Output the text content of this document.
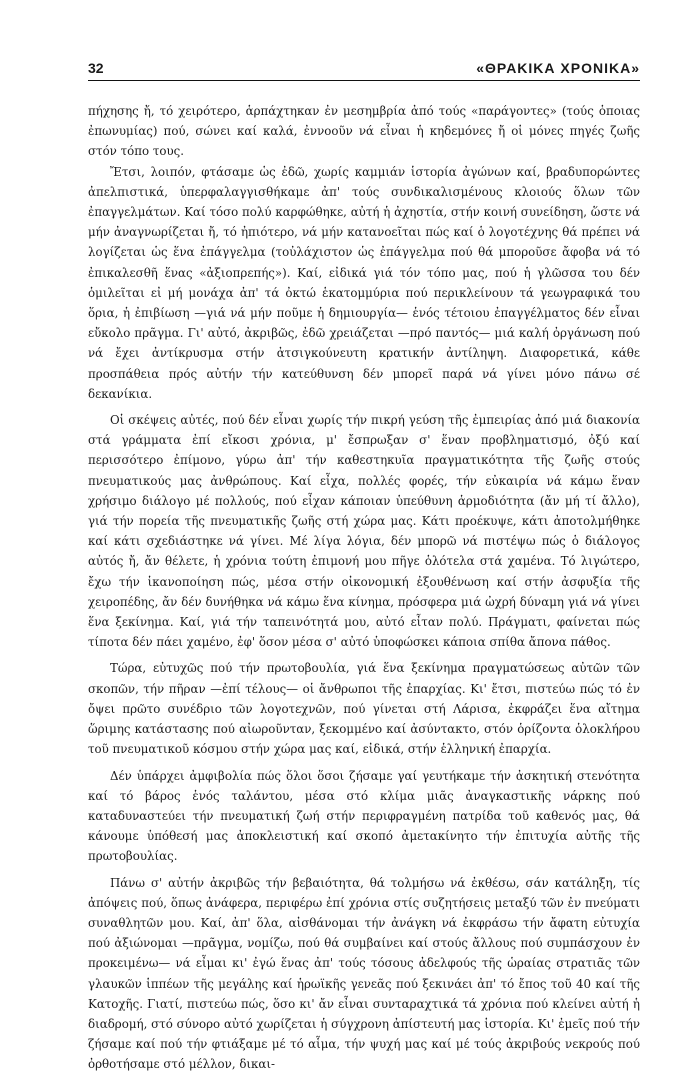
32	«ΘΡΑΚΙΚΑ ΧΡΟΝΙΚΑ»

πήχησης ἤ, τό χειρότερο, ἁρπάχτηκαν ἐν μεσημβρία ἀπό τούς «παράγοντες» (τούς ὁποιας ἐπωνυμίας) πού, σώνει καί καλά, ἐννοοῦν νά εἶναι ἡ κηδεμόνες ἤ οἱ μόνες πηγές ζωῆς στόν τόπο τους.

Ἔτσι, λοιπόν, φτάσαμε ὡς ἐδῶ, χωρίς καμμιάν ἱστορία ἀγώνων καί, βραδυπορώντες ἀπελπιστικά, ὑπερφαλαγγισθήκαμε ἀπ' τούς συνδικαλισμένους κλοιούς ὅλων τῶν ἐπαγγελμάτων. Καί τόσο πολύ καρφώθηκε, αὐτή ἡ ἀχηστία, στήν κοινή συνείδηση, ὥστε νά μήν ἀναγνωρίζεται ἤ, τό ἠπιότερο, νά μήν κατανοεῖται πώς καί ὁ λογοτέχνης θά πρέπει νά λογίζεται ὡς ἕνα ἐπάγγελμα (τοὐλάχιστον ὡς ἐπάγγελμα πού θά μποροῦσε ἄφοβα νά τό ἐπικαλεσθῆ ἕνας «ἀξιοπρεπής»). Καί, εἰδικά γιά τόν τόπο μας, πού ἡ γλῶσσα του δέν ὁμιλεῖται εἰ μή μονάχα ἀπ' τά ὀκτώ ἑκατομμύρια πού περικλείνουν τά γεωγραφικά του ὅρια, ἡ ἐπιβίωση —γιά νά μήν ποῦμε ἡ δημιουργία— ἑνός τέτοιου ἐπαγγέλματος δέν εἶναι εὔκολο πρᾶγμα. Γι' αὐτό, ἀκριβῶς, ἐδῶ χρειάζεται —πρό παντός— μιά καλή ὀργάνωση πού νά ἔχει ἀντίκρυσμα στήν ἀτσιγκούνευτη κρατικήν ἀντίληψη. Διαφορετικά, κάθε προσπάθεια πρός αὐτήν τήν κατεύθυνση δέν μπορεῖ παρά νά γίνει μόνο πάνω σέ δεκανίκια.

Οἱ σκέψεις αὐτές, πού δέν εἶναι χωρίς τήν πικρή γεύση τῆς ἐμπειρίας ἀπό μιά διακονία στά γράμματα ἐπί εἴκοσι χρόνια, μ' ἔσπρωξαν σ' ἕναν προβληματισμό, ὀξύ καί περισσότερο ἐπίμονο, γύρω ἀπ' τήν καθεστηκυῖα πραγματικότητα τῆς ζωῆς στούς πνευματικούς μας ἀνθρώπους. Καί εἶχα, πολλές φορές, τήν εὐκαιρία νά κάμω ἕναν χρήσιμο διάλογο μέ πολλούς, πού εἶχαν κάποιαν ὑπεύθυνη ἁρμοδιότητα (ἄν μή τί ἄλλο), γιά τήν πορεία τῆς πνευματικῆς ζωῆς στή χώρα μας. Κάτι προέκυψε, κάτι ἀποτολμήθηκε καί κάτι σχεδιάστηκε νά γίνει. Μέ λίγα λόγια, δέν μπορῶ νά πιστέψω πώς ὁ διάλογος αὐτός ἤ, ἄν θέλετε, ἡ χρόνια τούτη ἐπιμονή μου πῆγε ὁλότελα στά χαμένα. Τό λιγώτερο, ἔχω τήν ἱκανοποίηση πώς, μέσα στήν οἰκονομική ἐξουθένωση καί στήν ἀσφυξία τῆς χειροπέδης, ἄν δέν δυνήθηκα νά κάμω ἕνα κίνημα, πρόσφερα μιά ὠχρή δύναμη γιά νά γίνει ἕνα ξεκίνημα. Καί, γιά τήν ταπεινότητά μου, αὐτό εἶταν πολύ. Πράγματι, φαίνεται πώς τίποτα δέν πάει χαμένο, ἐφ' ὅσον μέσα σ' αὐτό ὑποφώσκει κάποια σπίθα ἄπονα πάθος.

Τώρα, εὐτυχῶς πού τήν πρωτοβουλία, γιά ἕνα ξεκίνημα πραγματώσεως αὐτῶν τῶν σκοπῶν, τήν πῆραν —ἐπί τέλους— οἱ ἄνθρωποι τῆς ἐπαρχίας. Κι' ἔτσι, πιστεύω πώς τό ἐν ὄψει πρῶτο συνέδριο τῶν λογοτεχνῶν, πού γίνεται στή Λάρισα, ἐκφράζει ἕνα αἴτημα ὥριμης κατάστασης πού αἰωροῦνταν, ξεκομμένο καί ἀσύντακτο, στόν ὁρίζοντα ὁλοκλήρου τοῦ πνευματικοῦ κόσμου στήν χώρα μας καί, εἰδικά, στήν ἑλληνική ἐπαρχία.

Δέν ὑπάρχει ἀμφιβολία πώς ὅλοι ὅσοι ζήσαμε γαί γευτήκαμε τήν ἀσκητική στενότητα καί τό βάρος ἑνός ταλάντου, μέσα στό κλίμα μιᾶς ἀναγκαστικῆς νάρκης πού καταδυναστεύει τήν πνευματική ζωή στήν περιφραγμένη πατρίδα τοῦ καθενός μας, θά κάνουμε ὑπόθεσή μας ἀποκλειστική καί σκοπό ἀμετακίνητο τήν ἐπιτυχία αὐτῆς τῆς πρωτοβουλίας.

Πάνω σ' αὐτήν ἀκριβῶς τήν βεβαιότητα, θά τολμήσω νά ἐκθέσω, σάν κατάληξη, τίς ἀπόψεις πού, ὅπως ἀνάφερα, περιφέρω ἐπί χρόνια στίς συζητήσεις μεταξύ τῶν ἐν πνεύματι συναθλητῶν μου. Καί, ἀπ' ὅλα, αἰσθάνομαι τήν ἀνάγκη νά ἐκφράσω τήν ἄφατη εὐτυχία πού ἀξιώνομαι —πρᾶγμα, νομίζω, πού θά συμβαίνει καί στούς ἄλλους πού συμπάσχουν ἐν προκειμένω— νά εἶμαι κι' ἐγώ ἕνας ἀπ' τούς τόσους ἀδελφούς τῆς ὡραίας στρατιᾶς τῶν γλαυκῶν ἱππέων τῆς μεγάλης καί ἡρωϊκῆς γενεᾶς πού ξεκινάει ἀπ' τό ἔπος τοῦ 40 καί τῆς Κατοχῆς. Γιατί, πιστεύω πώς, ὅσο κι' ἄν εἶναι συνταραχτικά τά χρόνια πού κλείνει αὐτή ἡ διαδρομή, στό σύνορο αὐτό χωρίζεται ἡ σύγχρονη ἀπίστευτή μας ἱστορία. Κι' ἐμεῖς πού τήν ζήσαμε καί πού τήν φτιάξαμε μέ τό αἷμα, τήν ψυχή μας καί μέ τούς ἀκριβούς νεκρούς πού ὀρθοτήσαμε στό μέλλον, δικαι-
